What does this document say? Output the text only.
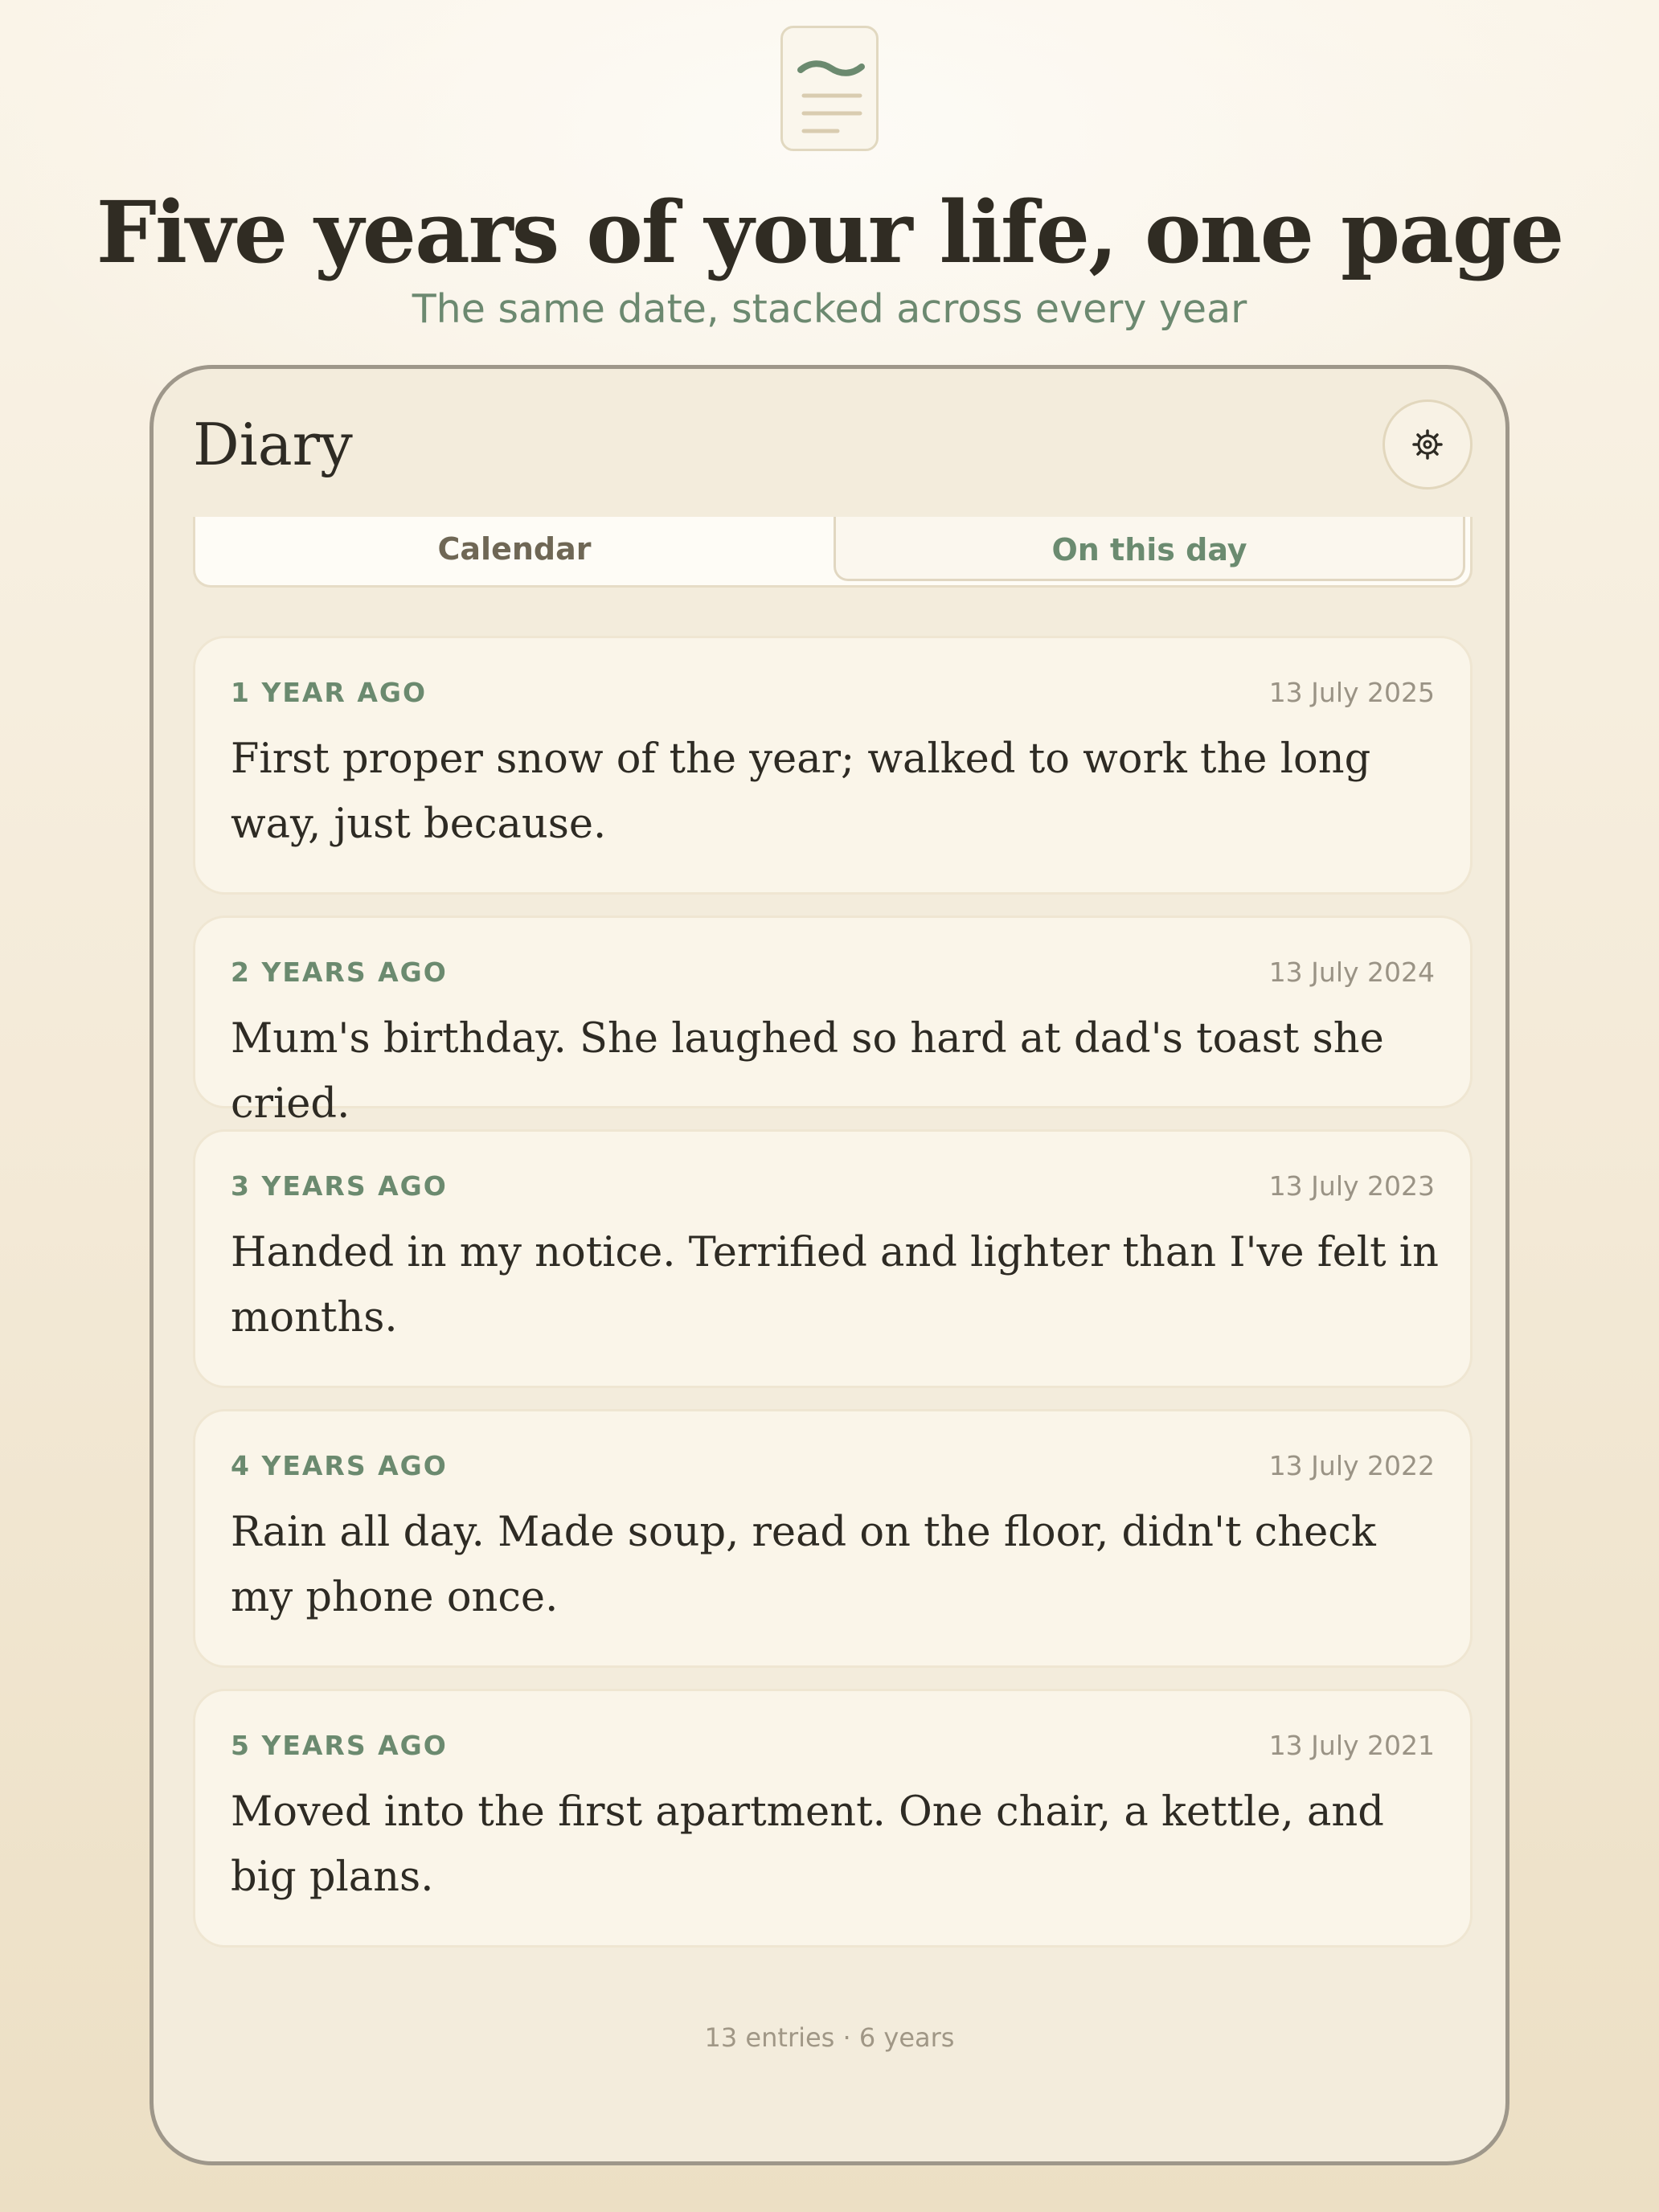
Five years of your life, one page
The same date, stacked across every year
Diary
Calendar	On this day
1 YEAR AGO	13 July 2025
First proper snow of the year; walked to work the long way, just because.
2 YEARS AGO	13 July 2024
Mum's birthday. She laughed so hard at dad's toast she cried.
3 YEARS AGO	13 July 2023
Handed in my notice. Terrified and lighter than I've felt in months.
4 YEARS AGO	13 July 2022
Rain all day. Made soup, read on the floor, didn't check my phone once.
5 YEARS AGO	13 July 2021
Moved into the first apartment. One chair, a kettle, and big plans.
13 entries · 6 years
